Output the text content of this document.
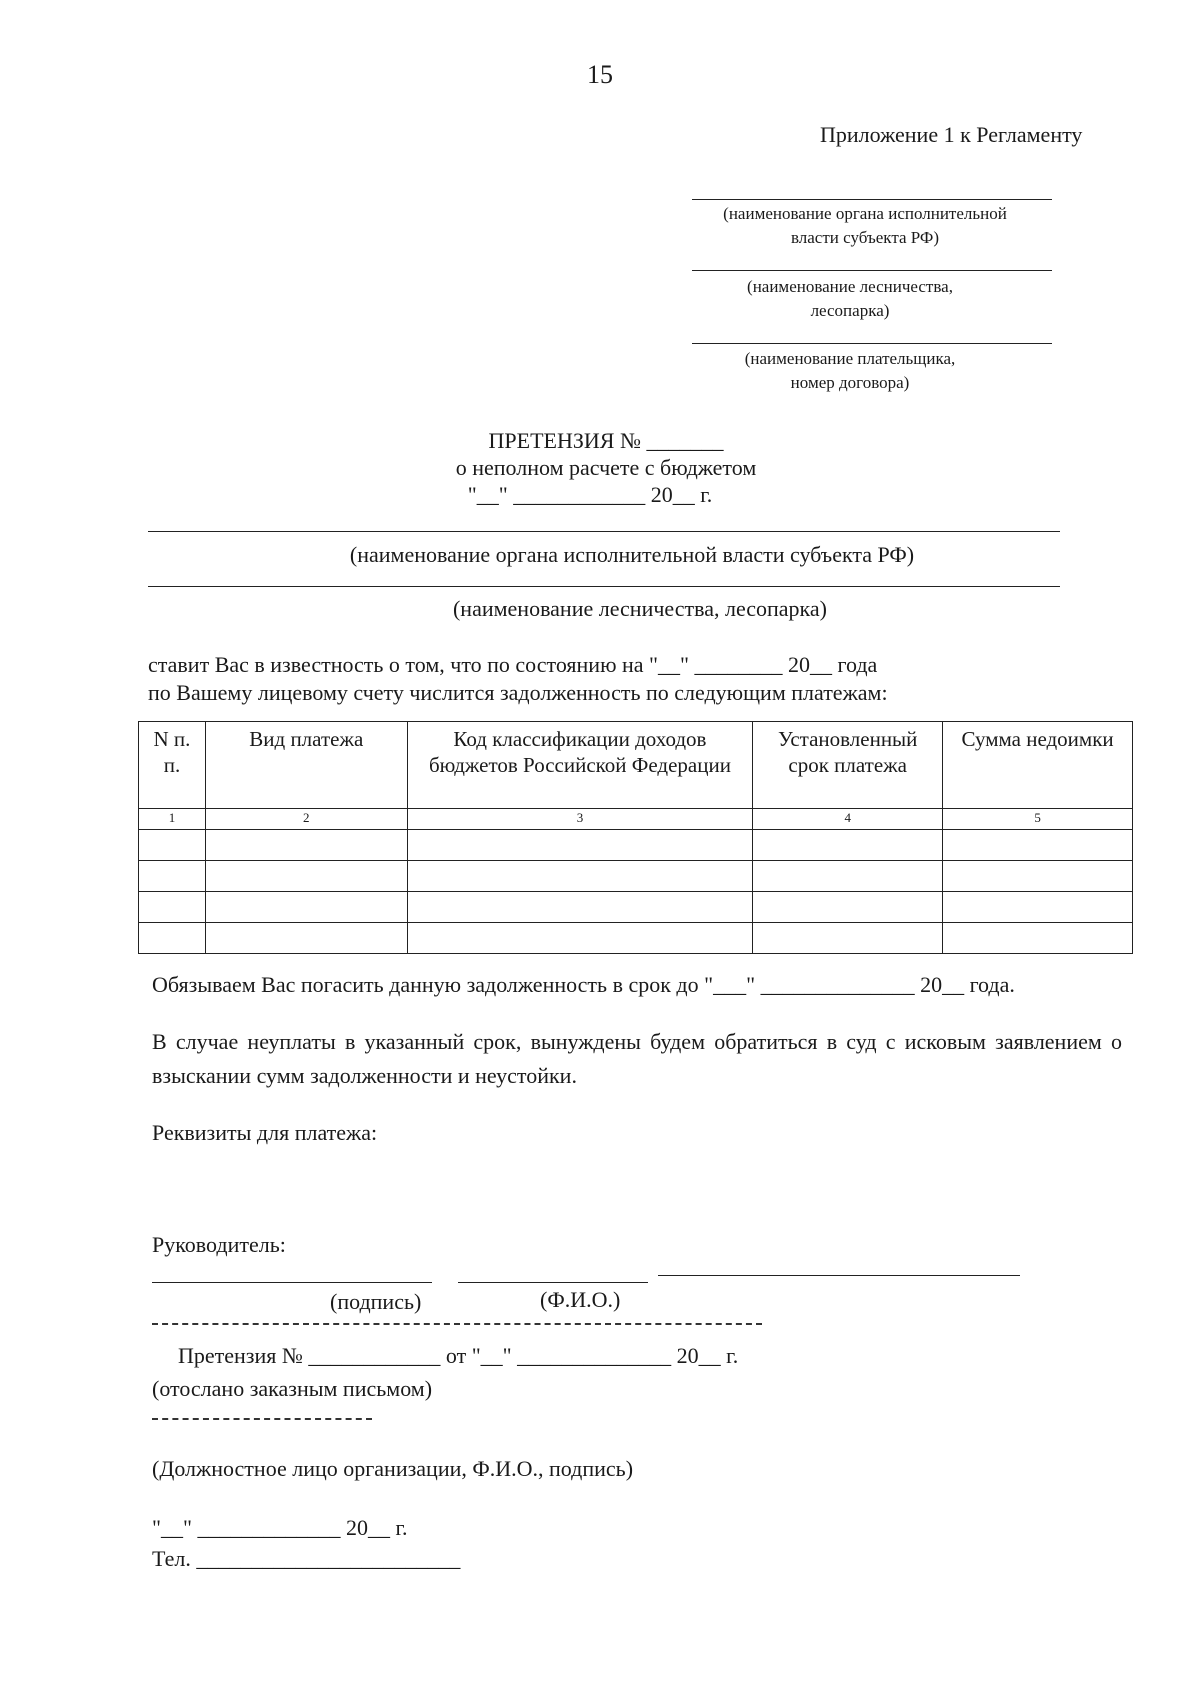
15
Приложение 1 к Регламенту
(наименование органа исполнительной
власти субъекта РФ)
(наименование лесничества,
лесопарка)
(наименование плательщика,
номер договора)
ПРЕТЕНЗИЯ № _______
о неполном расчете с бюджетом
"__" ____________ 20__ г.
(наименование органа исполнительной власти субъекта РФ)
(наименование лесничества, лесопарка)
ставит Вас в известность о том, что по состоянию на "__" ________ 20__ года
по Вашему лицевому счету числится задолженность по следующим платежам:
N п. п.	Вид платежа	Код классификации доходов бюджетов Российской Федерации	Установленный срок платежа	Сумма недоимки
1	2	3	4	5

Обязываем Вас погасить данную задолженность в срок до "___" ______________ 20__ года.
В случае неуплаты в указанный срок, вынуждены будем обратиться в суд с исковым заявлением о взыскании сумм задолженности и неустойки.
Реквизиты для платежа:
Руководитель:
(подпись)	(Ф.И.О.)
Претензия № ____________ от "__" ______________ 20__ г.
(отослано заказным письмом)
(Должностное лицо организации, Ф.И.О., подпись)
"__" _____________ 20__ г.
Тел. ________________________
